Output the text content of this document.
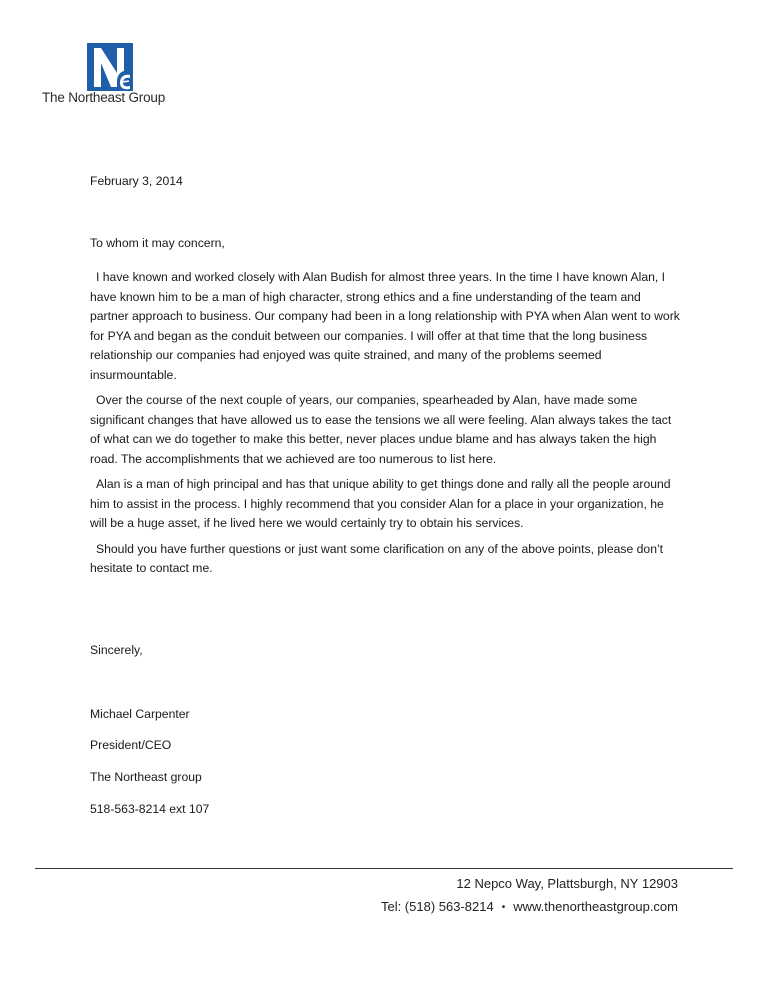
The Northeast Group
February 3, 2014
To whom it may concern,

I have known and worked closely with Alan Budish for almost three years. In the time I have known Alan, I have known him to be a man of high character, strong ethics and a fine understanding of the team and partner approach to business. Our company had been in a long relationship with PYA when Alan went to work for PYA and began as the conduit between our companies. I will offer at that time that the long business relationship our companies had enjoyed was quite strained, and many of the problems seemed insurmountable.

Over the course of the next couple of years, our companies, spearheaded by Alan, have made some significant changes that have allowed us to ease the tensions we all were feeling. Alan always takes the tact of what can we do together to make this better, never places undue blame and has always taken the high road. The accomplishments that we achieved are too numerous to list here.

Alan is a man of high principal and has that unique ability to get things done and rally all the people around him to assist in the process. I highly recommend that you consider Alan for a place in your organization, he will be a huge asset, if he lived here we would certainly try to obtain his services.

Should you have further questions or just want some clarification on any of the above points, please don’t hesitate to contact me.

Sincerely,
Michael Carpenter
President/CEO
The Northeast group
518-563-8214 ext 107
12 Nepco Way, Plattsburgh, NY 12903
Tel: (518) 563-8214 • www.thenortheastgroup.com
